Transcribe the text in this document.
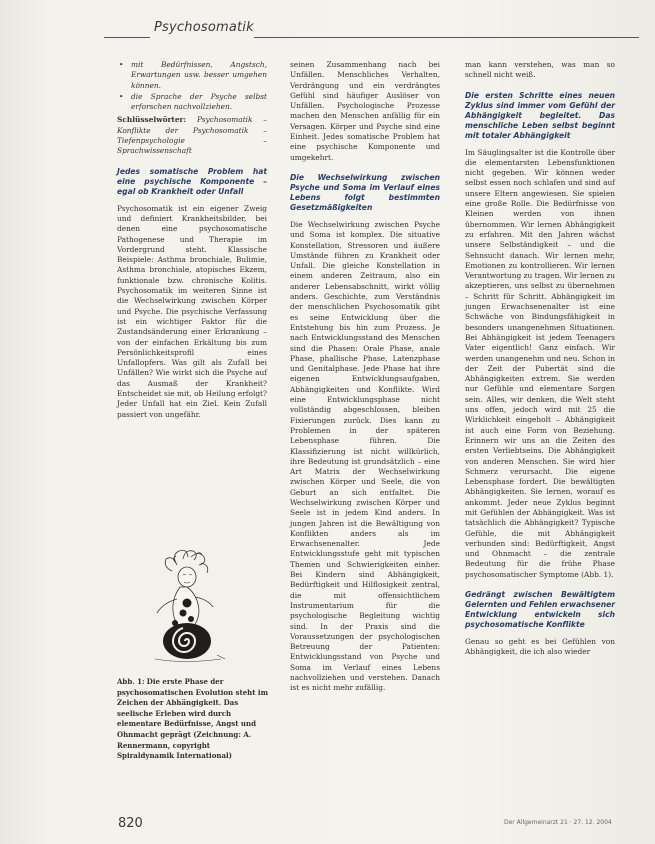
Psychosomatik
• mit Bedürfnissen, Angstsch, Erwartungen usw. besser umgehen können.
• die Sprache der Psyche selbst erforschen nachvollziehen.
Schlüsselwörter: Psychosomatik – Konflikte der Psychosomatik – Tiefenpsychologie – Sprachwissenschaft
Jedes somatische Problem hat eine psychische Komponente – egal ob Krankheit oder Unfall
Psychosomatik ist ein eigener Zweig und definiert Krankheitsbilder, bei denen eine psychosomatische Pathogenese und Therapie im Vordergrund steht. Klassische Beispiele: Asthma bronchiale, Bulimie, Asthma bronchiale, atopisches Ekzem, funktionale bzw. chronische Kolitis. Psychosomatik im weiteren Sinne ist die Wechselwirkung zwischen Körper und Psyche. Die psychische Verfassung ist ein wichtiger Faktor für die Zustandsänderung einer Erkrankung – von der einfachen Erkältung bis zum Persönlichkeitsprofil eines Unfallopfers. Was gilt als Zufall bei Unfällen? Wie wirkt sich die Psyche auf das Ausmaß der Krankheit? Entscheidet sie mit, ob Heilung erfolgt? Jeder Unfall hat ein Ziel. Kein Zufall passiert von ungefähr.
Abb. 1: Die erste Phase der psychosomatischen Evolution steht im Zeichen der Abhängigkeit. Das seelische Erleben wird durch elementare Bedürfnisse, Angst und Ohnmacht geprägt (Zeichnung: A. Rennermann, copyright Spiraldynamik International)
seinen Zusammenhang nach bei Unfällen. Menschliches Verhalten, Verdrängung und ein verdrängtes Gefühl sind häufiger Auslöser von Unfällen. Psychologische Prozesse machen den Menschen anfällig für ein Versagen. Körper und Psyche sind eine Einheit. Jedes somatische Problem hat eine psychische Komponente und umgekehrt.
Die Wechselwirkung zwischen Psyche und Soma im Verlauf eines Lebens folgt bestimmten Gesetzmäßigkeiten
Die Wechselwirkung zwischen Psyche und Soma ist komplex. Die situative Konstellation, Stressoren und äußere Umstände führen zu Krankheit oder Unfall. Die gleiche Konstellation in einem anderen Zeitraum, also ein anderer Lebensabschnitt, wirkt völlig anders. Geschichte, zum Verständnis der menschlichen Psychosomatik gibt es seine Entwicklung über die Entstehung bis hin zum Prozess. Je nach Entwicklungsstand des Menschen sind die Phasen: Orale Phase, anale Phase, phallische Phase, Latenzphase und Genitalphase. Jede Phase hat ihre eigenen Entwicklungsaufgaben, Abhängigkeiten und Konflikte. Wird eine Entwicklungsphase nicht vollständig abgeschlossen, bleiben Fixierungen zurück. Dies kann zu Problemen in der späteren Lebensphase führen. Die Klassifizierung ist nicht willkürlich, ihre Bedeutung ist grundsätzlich – eine Art Matrix der Wechselwirkung zwischen Körper und Seele, die von Geburt an sich entfaltet. Die Wechselwirkung zwischen Körper und Seele ist in jedem Kind anders. In jungen Jahren ist die Bewältigung von Konflikten anders als im Erwachsenenalter. Jede Entwicklungsstufe geht mit typischen Themen und Schwierigkeiten einher. Bei Kindern sind Abhängigkeit, Bedürftigkeit und Hilflosigkeit zentral, die mit offensichtlichem Instrumentarium für die psychologische Begleitung wichtig sind. In der Praxis sind die Voraussetzungen der psychologischen Betreuung der Patienten: Entwicklungsstand von Psyche und Soma im Verlauf eines Lebens nachvollziehen und verstehen. Danach ist es nicht mehr zufällig.
man kann verstehen, was man so schnell nicht weiß.
Die ersten Schritte eines neuen Zyklus sind immer vom Gefühl der Abhängigkeit begleitet. Das menschliche Leben selbst beginnt mit totaler Abhängigkeit
Im Säuglingsalter ist die Kontrolle über die elementarsten Lebensfunktionen nicht gegeben. Wir können weder selbst essen noch schlafen und sind auf unsere Eltern angewiesen. Sie spielen eine große Rolle. Die Bedürfnisse von Kleinen werden von ihnen übernommen. Wir lernen Abhängigkeit zu erfahren. Mit den Jahren wächst unsere Selbständigkeit – und die Sehnsucht danach. Wir lernen mehr, Emotionen zu kontrollieren. Wir lernen Verantwortung zu tragen. Wir lernen zu akzeptieren, uns selbst zu übernehmen – Schritt für Schritt. Abhängigkeit im jungen Erwachsenenalter ist eine Schwäche von Bindungsfähigkeit in besonders unangenehmen Situationen. Bei Abhängigkeit ist jedem Teenagers Vater eigentlich! Ganz einfach. Wir werden unangenehm und neu. Schon in der Zeit der Pubertät sind die Abhängigkeiten extrem. Sie werden nur Gefühle und elementare Sorgen sein. Alles, wir denken, die Welt steht uns offen, jedoch wird mit 25 die Wirklichkeit eingeholt – Abhängigkeit ist auch eine Form von Beziehung. Erinnern wir uns an die Zeiten des ersten Verliebtseins. Die Abhängigkeit von anderen Menschen. Sie wird hier Schmerz verursacht. Die eigene Lebensphase fordert. Die bewältigten Abhängigkeiten. Sie lernen, worauf es ankommt. Jeder neue Zyklus beginnt mit Gefühlen der Abhängigkeit. Was ist tatsächlich die Abhängigkeit? Typische Gefühle, die mit Abhängigkeit verbunden sind: Bedürftigkeit, Angst und Ohnmacht – die zentrale Bedeutung für die frühe Phase psychosomatischer Symptome (Abb. 1).
Gedrängt zwischen Bewältigtem Gelernten und Fehlen erwachsener Entwicklung entwickeln sich psychosomatische Konflikte
Genau so geht es bei Gefühlen von Abhängigkeit, die ich also wieder
820	Der Allgemeinarzt 21 · 27. 12. 2004
